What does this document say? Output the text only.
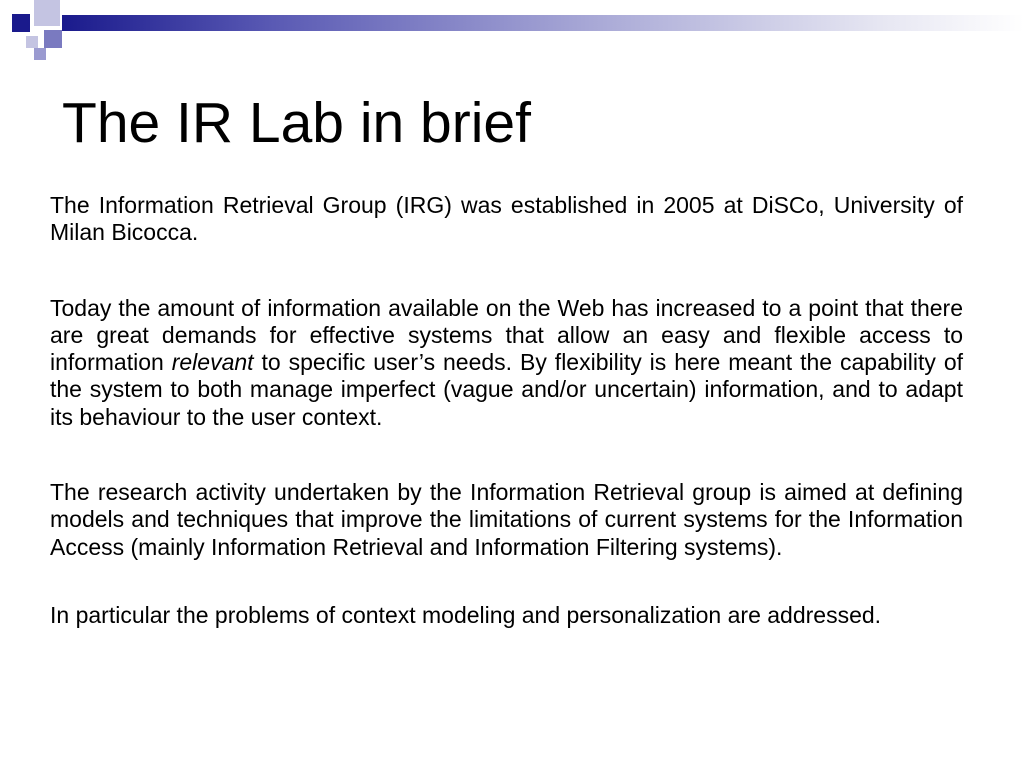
The IR Lab in brief

The Information Retrieval Group (IRG) was established in 2005 at DiSCo, University of Milan Bicocca.

Today the amount of information available on the Web has increased to a point that there are great demands for effective systems that allow an easy and flexible access to information relevant to specific user’s needs. By flexibility is here meant the capability of the system to both manage imperfect (vague and/or uncertain) information, and to adapt its behaviour to the user context.

The research activity undertaken by the Information Retrieval group is aimed at defining models and techniques that improve the limitations of current systems for the Information Access (mainly Information Retrieval and Information Filtering systems).

In particular the problems of context modeling and personalization are addressed.
